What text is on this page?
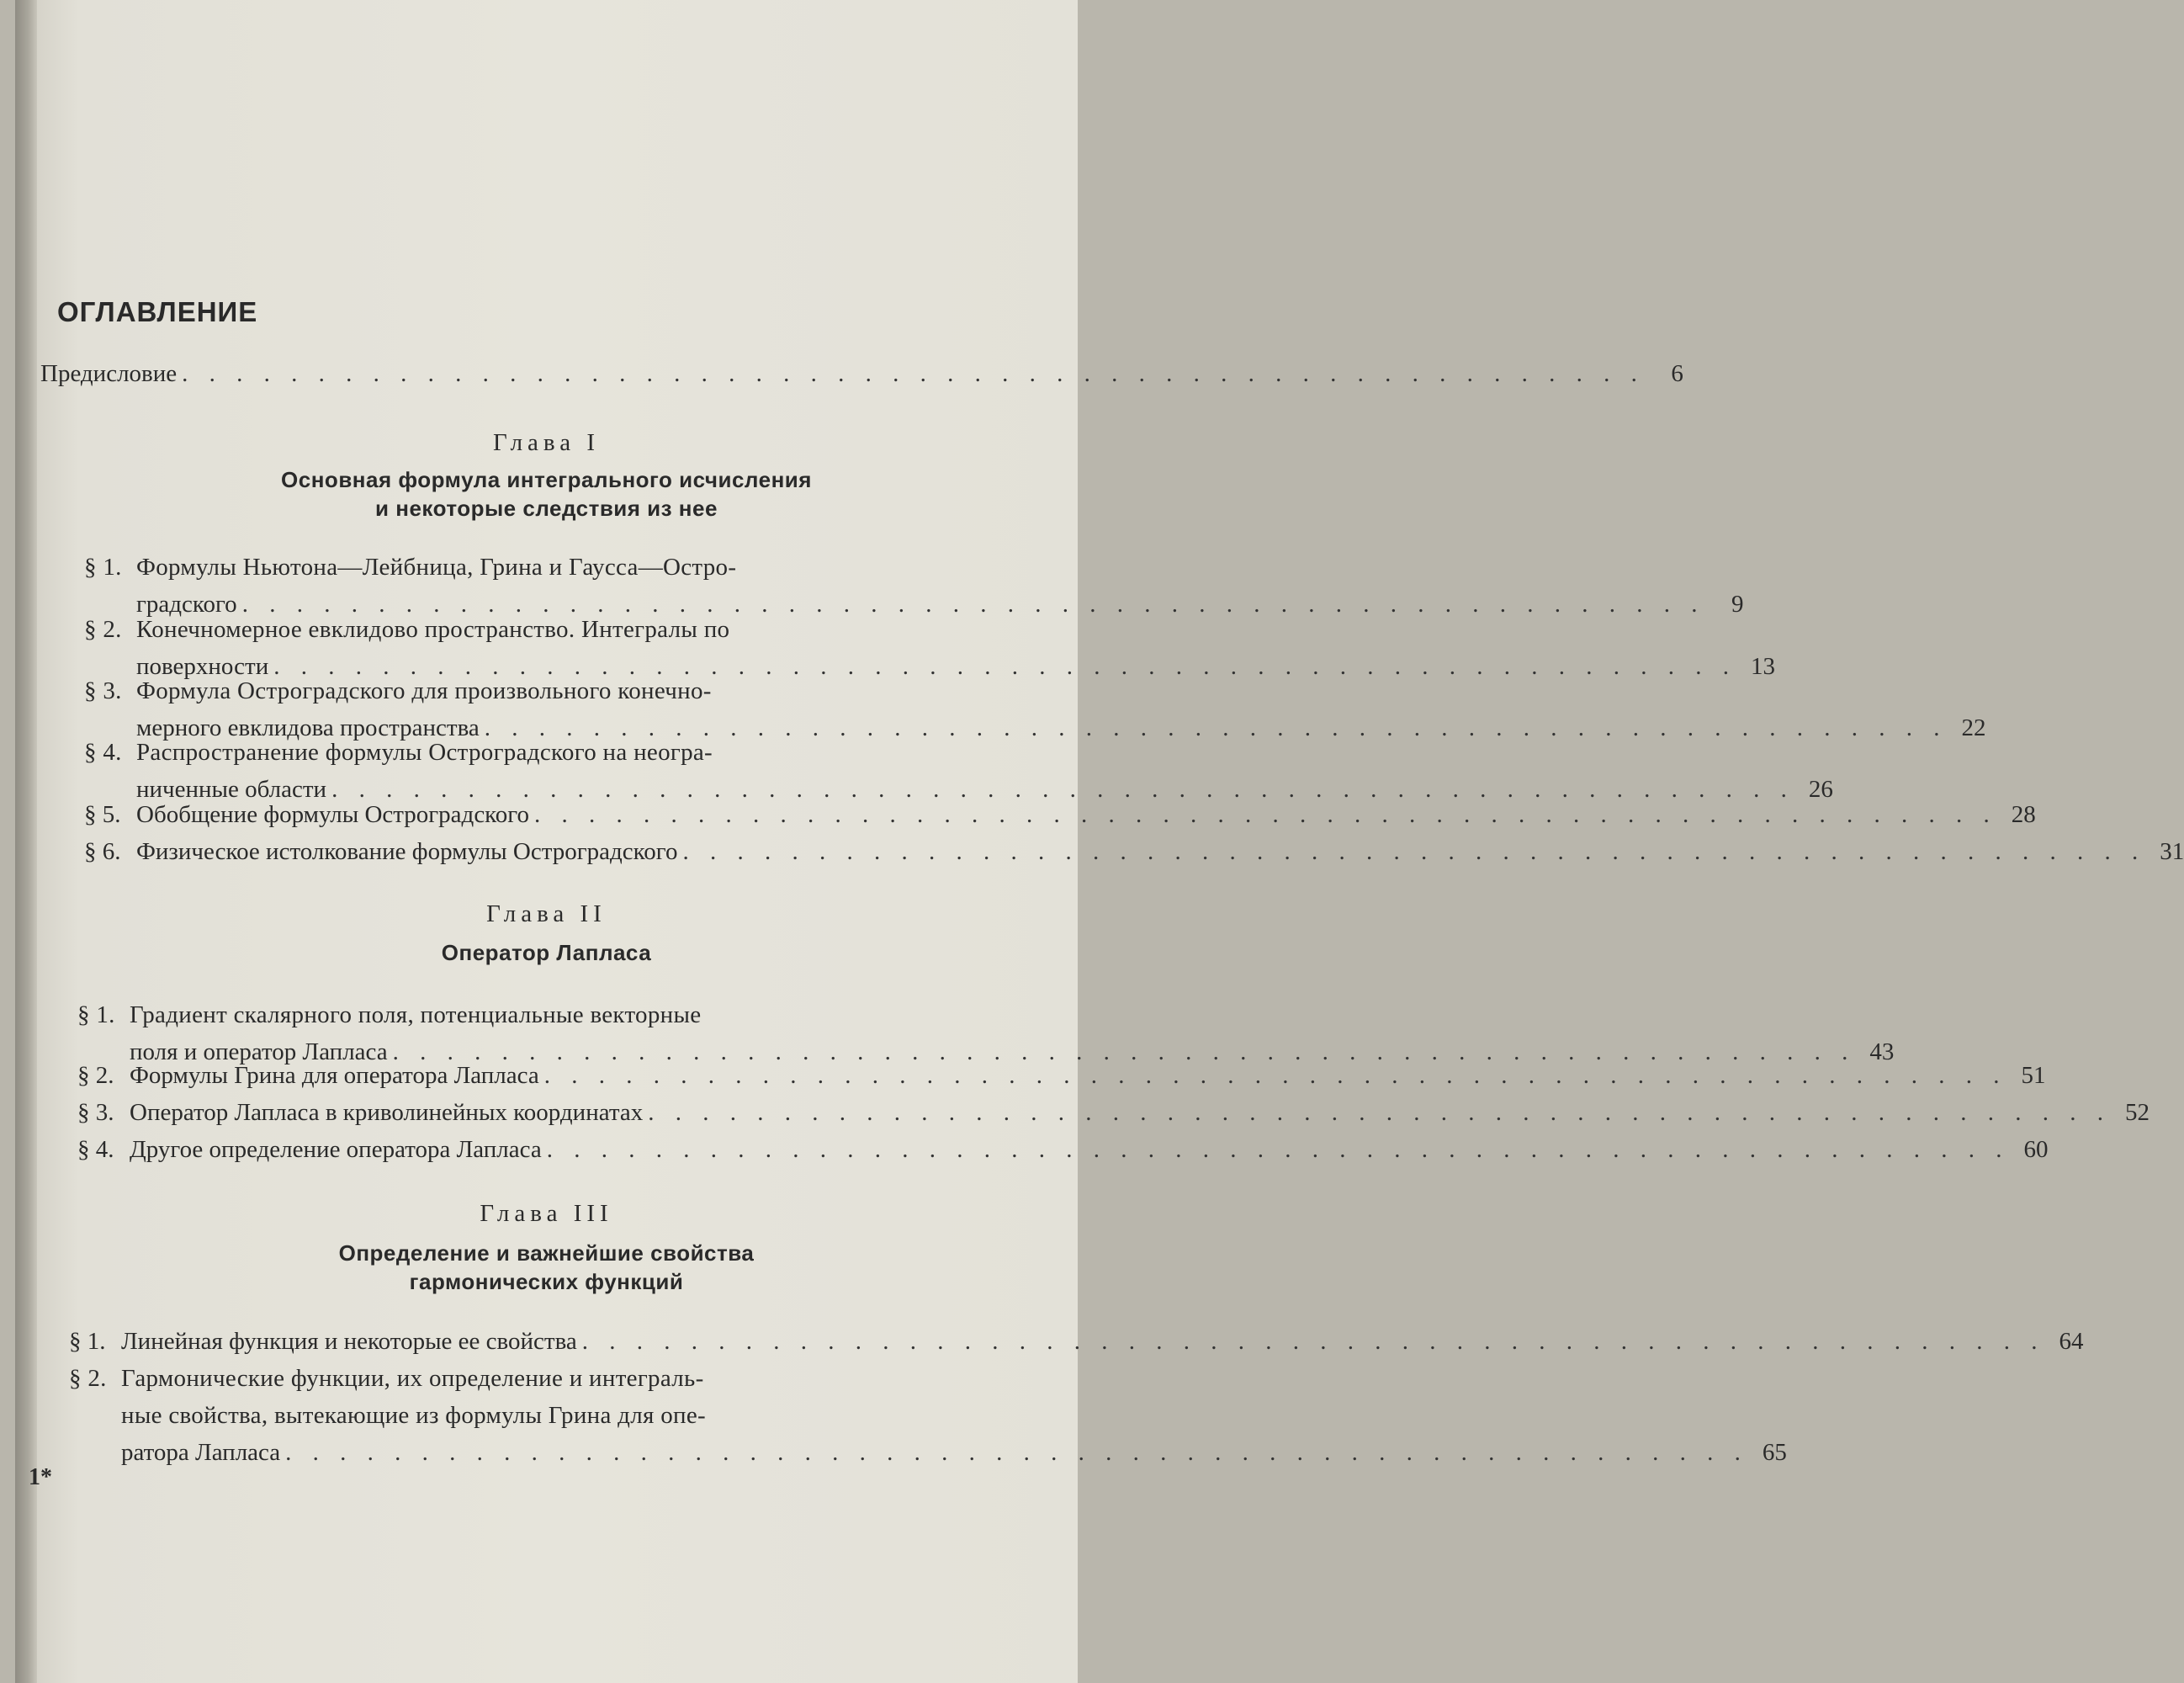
ОГЛАВЛЕНИЕ
Предисловие . . . . . . . . . . . . . . . . . . . . . . . . . . . . . . . . . . . . . . . . . . . . . . . . . . . . . .	6
Глава I
Основная формула интегрального исчисления
и некоторые следствия из нее
§ 1. Формулы Ньютона—Лейбница, Грина и Гаусса—Остро-
градского . . . . . . . . . . . . . . . . . . . . . . . . . . . . . . . . . . . . . . . . . . . . . . . . . . . . . .	9
§ 2. Конечномерное евклидово пространство. Интегралы по
поверхности . . . . . . . . . . . . . . . . . . . . . . . . . . . . . . . . . . . . . . . . . . . . . . . . . . . . . . 13
§ 3. Формула Остроградского для произвольного конечно-
мерного евклидова пространства . . . . . . . . . . . . . . . . . . . . . . . . . . . . . . . . . . . . . . . . . . . . . . . . . . . . . . 22
§ 4. Распространение формулы Остроградского на неогра-
ниченные области . . . . . . . . . . . . . . . . . . . . . . . . . . . . . . . . . . . . . . . . . . . . . . . . . . . . . . 26
§ 5. Обобщение формулы Остроградского . . . . . . . . . . . . . . . . . . . . . . . . . . . . . . . . . . . . . . . . . . . . . . . . . . . . . . 28
§ 6. Физическое истолкование формулы Остроградского . . . . . . . . . . . . . . . . . . . . . . . . . . . . . . . . . . . . . . . . . . . . . . . . . . . . . . 31
Глава II
Оператор Лапласа
§ 1. Градиент скалярного поля, потенциальные векторные
поля и оператор Лапласа . . . . . . . . . . . . . . . . . . . . . . . . . . . . . . . . . . . . . . . . . . . . . . . . . . . . . . 43
§ 2. Формулы Грина для оператора Лапласа . . . . . . . . . . . . . . . . . . . . . . . . . . . . . . . . . . . . . . . . . . . . . . . . . . . . . . 51
§ 3. Оператор Лапласа в криволинейных координатах . . . . . . . . . . . . . . . . . . . . . . . . . . . . . . . . . . . . . . . . . . . . . . . . . . . . . . 52
§ 4. Другое определение оператора Лапласа . . . . . . . . . . . . . . . . . . . . . . . . . . . . . . . . . . . . . . . . . . . . . . . . . . . . . . 60
Глава III
Определение и важнейшие свойства
гармонических функций
§ 1. Линейная функция и некоторые ее свойства . . . . . . . . . . . . . . . . . . . . . . . . . . . . . . . . . . . . . . . . . . . . . . . . . . . . . . 64
§ 2. Гармонические функции, их определение и интеграль-
ные свойства, вытекающие из формулы Грина для опе-
ратора Лапласа . . . . . . . . . . . . . . . . . . . . . . . . . . . . . . . . . . . . . . . . . . . . . . . . . . . . . . 65
1*
